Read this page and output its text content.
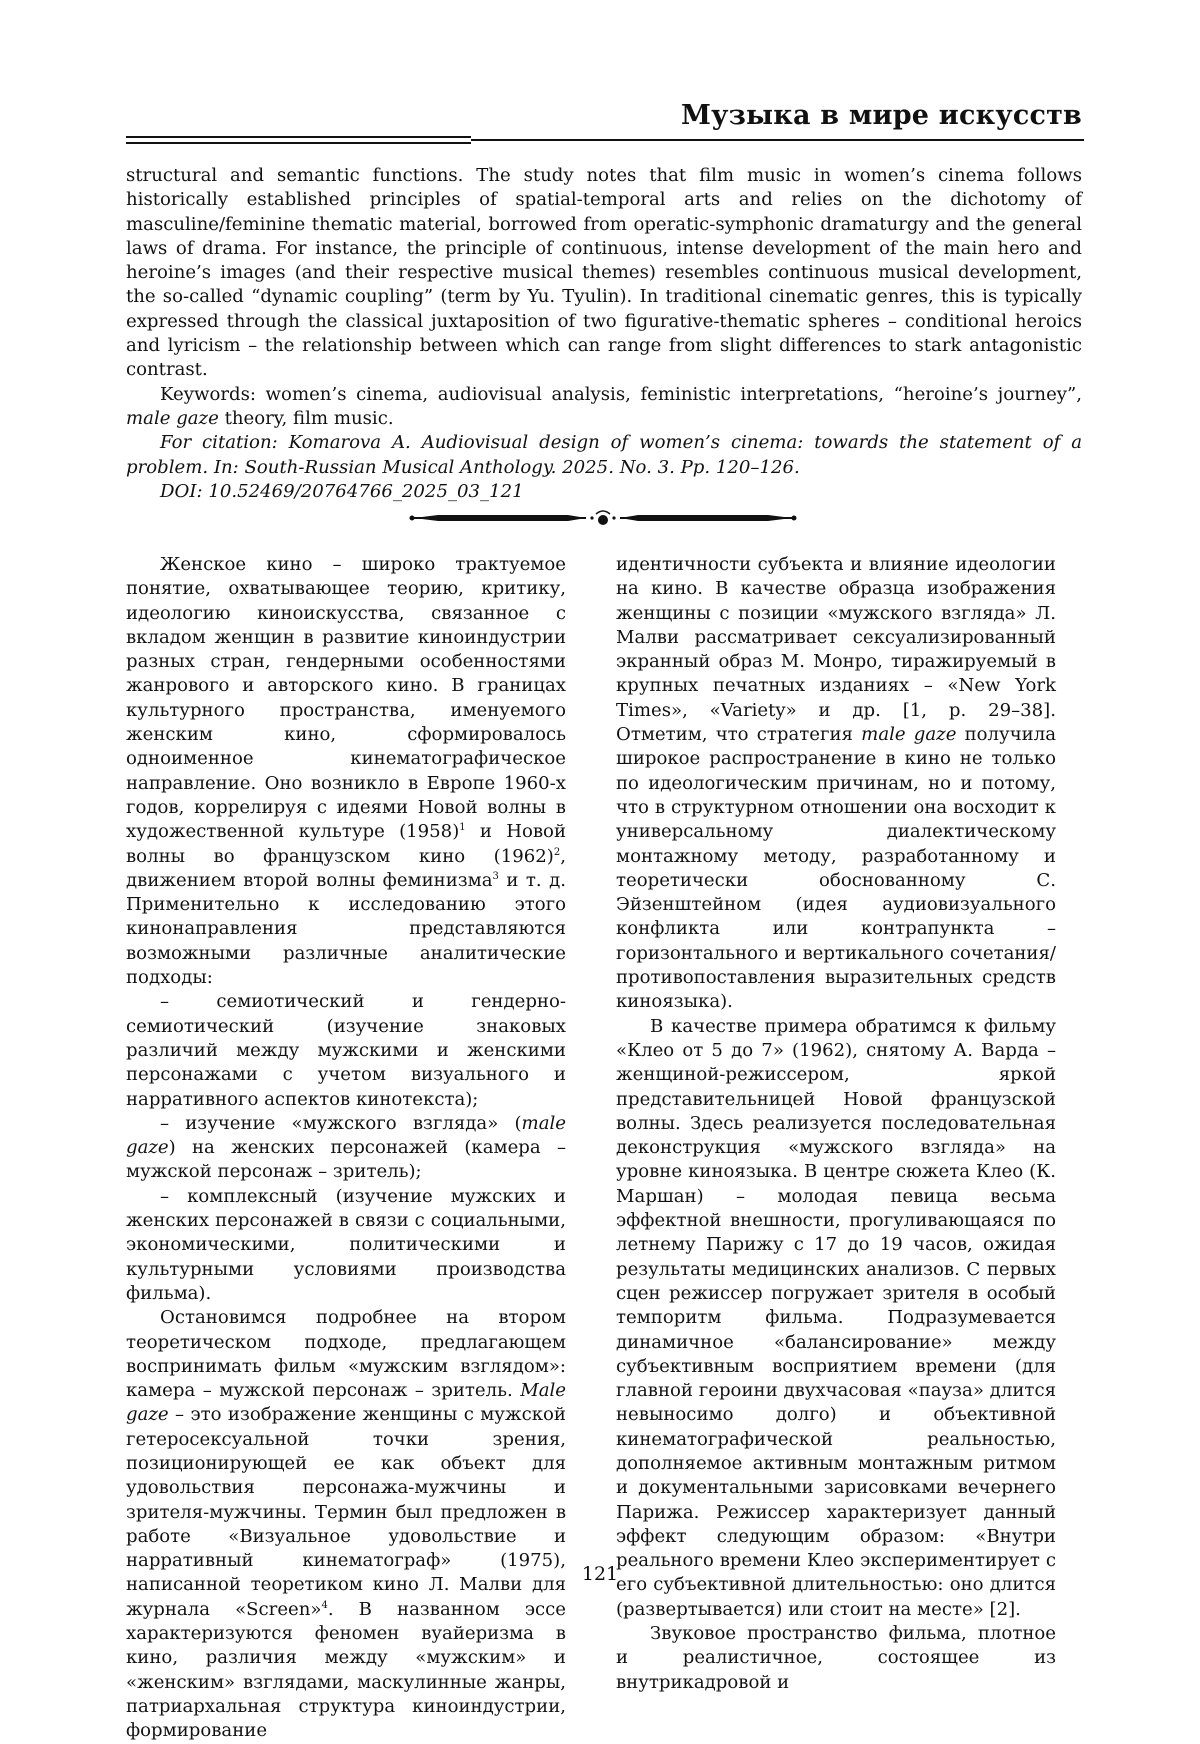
Музыка в мире искусств

structural and semantic functions. The study notes that film music in women’s cinema follows historically established principles of spatial-temporal arts and relies on the dichotomy of masculine/feminine thematic material, borrowed from operatic-symphonic dramaturgy and the general laws of drama. For instance, the principle of continuous, intense development of the main hero and heroine’s images (and their respective musical themes) resembles continuous musical development, the so-called “dynamic coupling” (term by Yu. Tyulin). In traditional cinematic genres, this is typically expressed through the classical juxtaposition of two figurative-thematic spheres – conditional heroics and lyricism – the relationship between which can range from slight differences to stark antagonistic contrast.

Keywords: women’s cinema, audiovisual analysis, feministic interpretations, “heroine’s journey”, male gaze theory, film music.

For citation: Komarova A. Audiovisual design of women’s cinema: towards the statement of a problem. In: South-Russian Musical Anthology. 2025. No. 3. Pp. 120–126.

DOI: 10.52469/20764766_2025_03_121

Женское кино – широко трактуемое понятие, охватывающее теорию, критику, идеологию киноискусства, связанное с вкладом женщин в развитие киноиндустрии разных стран, гендерными особенностями жанрового и авторского кино. В границах культурного пространства, именуемого женским кино, сформировалось одноименное кинематографическое направление. Оно возникло в Европе 1960-х годов, коррелируя с идеями Новой волны в художественной культуре $(1958)^1$ и Новой волны во французском кино $(1962)^2$, движением второй волны феминизма$^3$ и т. д. Применительно к исследованию этого кинонаправления представляются возможными различные аналитические подходы:

– семиотический и гендерно-семиотический (изучение знаковых различий между мужскими и женскими персонажами с учетом визуального и нарративного аспектов кинотекста);

– изучение «мужского взгляда» (male gaze) на женских персонажей (камера – мужской персонаж – зритель);

– комплексный (изучение мужских и женских персонажей в связи с социальными, экономическими, политическими и культурными условиями производства фильма).

Остановимся подробнее на втором теоретическом подходе, предлагающем воспринимать фильм «мужским взглядом»: камера – мужской персонаж – зритель. Male gaze – это изображение женщины с мужской гетеросексуальной точки зрения, позиционирующей ее как объект для удовольствия персонажа-мужчины и зрителя-мужчины. Термин был предложен в работе «Визуальное удовольствие и нарративный кинематограф» (1975), написанной теоретиком кино Л. Малви для журнала «Screen»$^4$. В названном эссе характеризуются феномен вуайеризма в кино, различия между «мужским» и «женским» взглядами, маскулинные жанры, патриархальная структура киноиндустрии, формирование

идентичности субъекта и влияние идеологии на кино. В качестве образца изображения женщины с позиции «мужского взгляда» Л. Малви рассматривает сексуализированный экранный образ М. Монро, тиражируемый в крупных печатных изданиях – «New York Times», «Variety» и др. [1, p. 29–38]. Отметим, что стратегия male gaze получила широкое распространение в кино не только по идеологическим причинам, но и потому, что в структурном отношении она восходит к универсальному диалектическому монтажному методу, разработанному и теоретически обоснованному С. Эйзенштейном (идея аудиовизуального конфликта или контрапункта – горизонтального и вертикального сочетания/противопоставления выразительных средств киноязыка).

В качестве примера обратимся к фильму «Клео от 5 до 7» (1962), снятому А. Варда – женщиной-режиссером, яркой представительницей Новой французской волны. Здесь реализуется последовательная деконструкция «мужского взгляда» на уровне киноязыка. В центре сюжета Клео (К. Маршан) – молодая певица весьма эффектной внешности, прогуливающаяся по летнему Парижу с 17 до 19 часов, ожидая результаты медицинских анализов. С первых сцен режиссер погружает зрителя в особый темпоритм фильма. Подразумевается динамичное «балансирование» между субъективным восприятием времени (для главной героини двухчасовая «пауза» длится невыносимо долго) и объективной кинематографической реальностью, дополняемое активным монтажным ритмом и документальными зарисовками вечернего Парижа. Режиссер характеризует данный эффект следующим образом: «Внутри реального времени Клео экспериментирует с его субъективной длительностью: оно длится (развертывается) или стоит на месте» [2].

Звуковое пространство фильма, плотное и реалистичное, состоящее из внутрикадровой и

121
